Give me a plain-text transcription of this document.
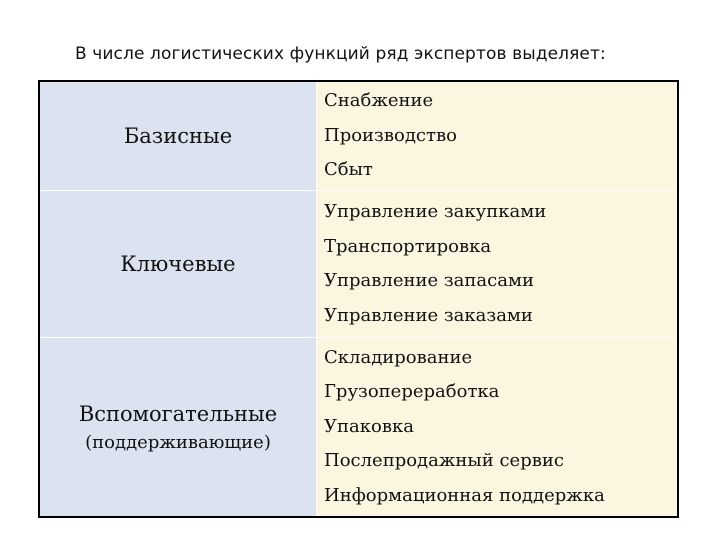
В числе логистических функций ряд экспертов выделяет:
Базисные
Снабжение
Производство
Сбыт
Ключевые
Управление закупками
Транспортировка
Управление запасами
Управление заказами
Вспомогательные
(поддерживающие)
Складирование
Грузопереработка
Упаковка
Послепродажный сервис
Информационная поддержка
